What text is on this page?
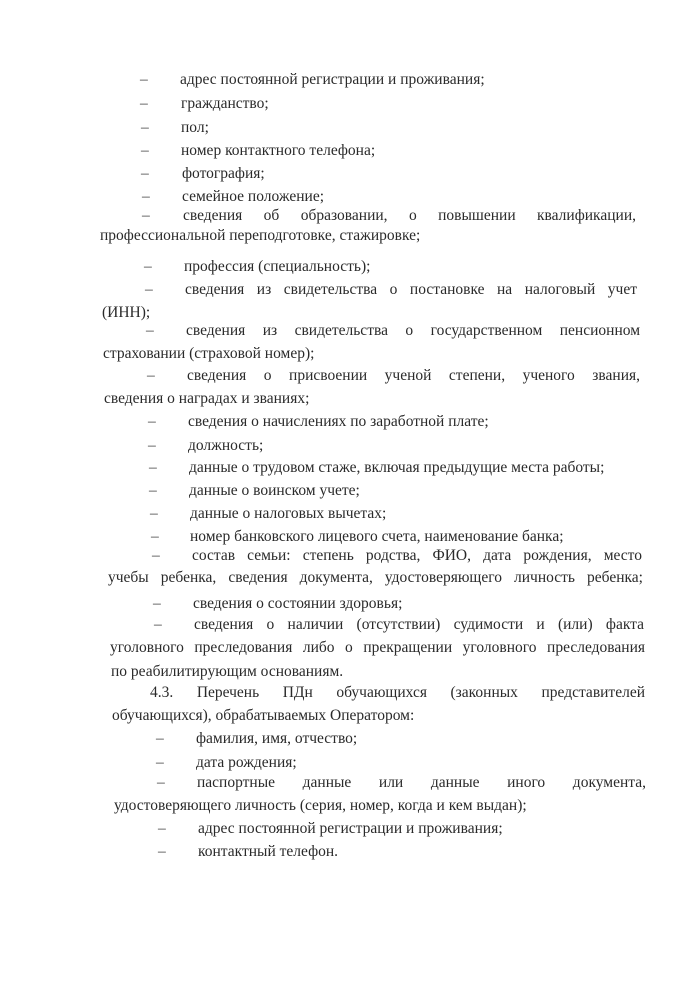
– адрес постоянной регистрации и проживания;
– гражданство;
– пол;
– номер контактного телефона;
– фотография;
– семейное положение;
– сведения об образовании, о повышении квалификации,
профессиональной переподготовке, стажировке;
– профессия (специальность);
– сведения из свидетельства о постановке на налоговый учет
(ИНН);
– сведения из свидетельства о государственном пенсионном
страховании (страховой номер);
– сведения о присвоении ученой степени, ученого звания,
сведения о наградах и званиях;
– сведения о начислениях по заработной плате;
– должность;
– данные о трудовом стаже, включая предыдущие места работы;
– данные о воинском учете;
– данные о налоговых вычетах;
– номер банковского лицевого счета, наименование банка;
– состав семьи: степень родства, ФИО, дата рождения, место
учебы ребенка, сведения документа, удостоверяющего личность ребенка;
– сведения о состоянии здоровья;
– сведения о наличии (отсутствии) судимости и (или) факта
уголовного преследования либо о прекращении уголовного преследования
по реабилитирующим основаниям.
4.3. Перечень ПДн обучающихся (законных представителей
обучающихся), обрабатываемых Оператором:
– фамилия, имя, отчество;
– дата рождения;
– паспортные данные или данные иного документа,
удостоверяющего личность (серия, номер, когда и кем выдан);
– адрес постоянной регистрации и проживания;
– контактный телефон.
